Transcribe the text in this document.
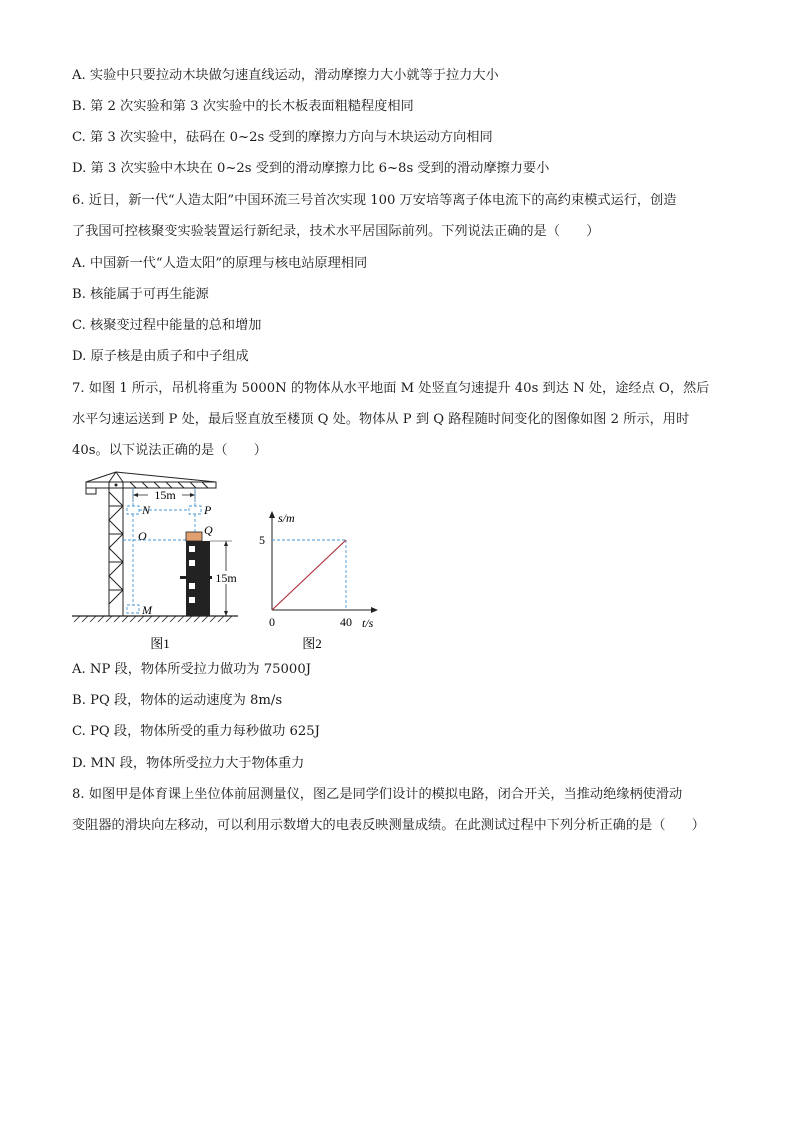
A. 实验中只要拉动木块做匀速直线运动，滑动摩擦力大小就等于拉力大小
B. 第 2 次实验和第 3 次实验中的长木板表面粗糙程度相同
C. 第 3 次实验中，砝码在 0~2s 受到的摩擦力方向与木块运动方向相同
D. 第 3 次实验中木块在 0~2s 受到的滑动摩擦力比 6~8s 受到的滑动摩擦力要小
6. 近日，新一代“人造太阳”中国环流三号首次实现 100 万安培等离子体电流下的高约束模式运行，创造
了我国可控核聚变实验装置运行新纪录，技术水平居国际前列。下列说法正确的是（　　）
A. 中国新一代“人造太阳”的原理与核电站原理相同
B. 核能属于可再生能源
C. 核聚变过程中能量的总和增加
D. 原子核是由质子和中子组成
7. 如图 1 所示，吊机将重为 5000N 的物体从水平地面 M 处竖直匀速提升 40s 到达 N 处，途经点 O，然后
水平匀速运送到 P 处，最后竖直放至楼顶 Q 处。物体从 P 到 Q 路程随时间变化的图像如图 2 所示，用时
40s。以下说法正确的是（　　）
15m
N	P
O
M
Q
15m
图1
s/m
t/s
0
5
40
图2
A. NP 段，物体所受拉力做功为 75000J
B. PQ 段，物体的运动速度为 8m/s
C. PQ 段，物体所受的重力每秒做功 625J
D. MN 段，物体所受拉力大于物体重力
8. 如图甲是体育课上坐位体前屈测量仪，图乙是同学们设计的模拟电路，闭合开关，当推动绝缘柄使滑动
变阻器的滑块向左移动，可以利用示数增大的电表反映测量成绩。在此测试过程中下列分析正确的是（　　）
